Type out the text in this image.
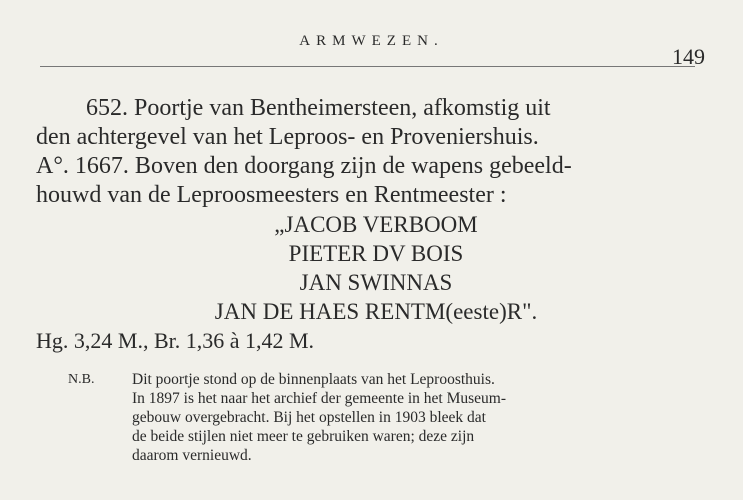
ARMWEZEN.
149

652. Poortje van Bentheimersteen, afkomstig uit
den achtergevel van het Leproos- en Proveniershuis.
A°. 1667. Boven den doorgang zijn de wapens gebeeld-
houwd van de Leproosmeesters en Rentmeester :

„JACOB VERBOOM
PIETER DV BOIS
JAN SWINNAS
JAN DE HAES RENTM(eeste)R".
Hg. 3,24 M., Br. 1,36 à 1,42 M.
N.B.	Dit poortje stond op de binnenplaats van het Leproosthuis.
In 1897 is het naar het archief der gemeente in het Museum-
gebouw overgebracht. Bij het opstellen in 1903 bleek dat
de beide stijlen niet meer te gebruiken waren; deze zijn
daarom vernieuwd.
